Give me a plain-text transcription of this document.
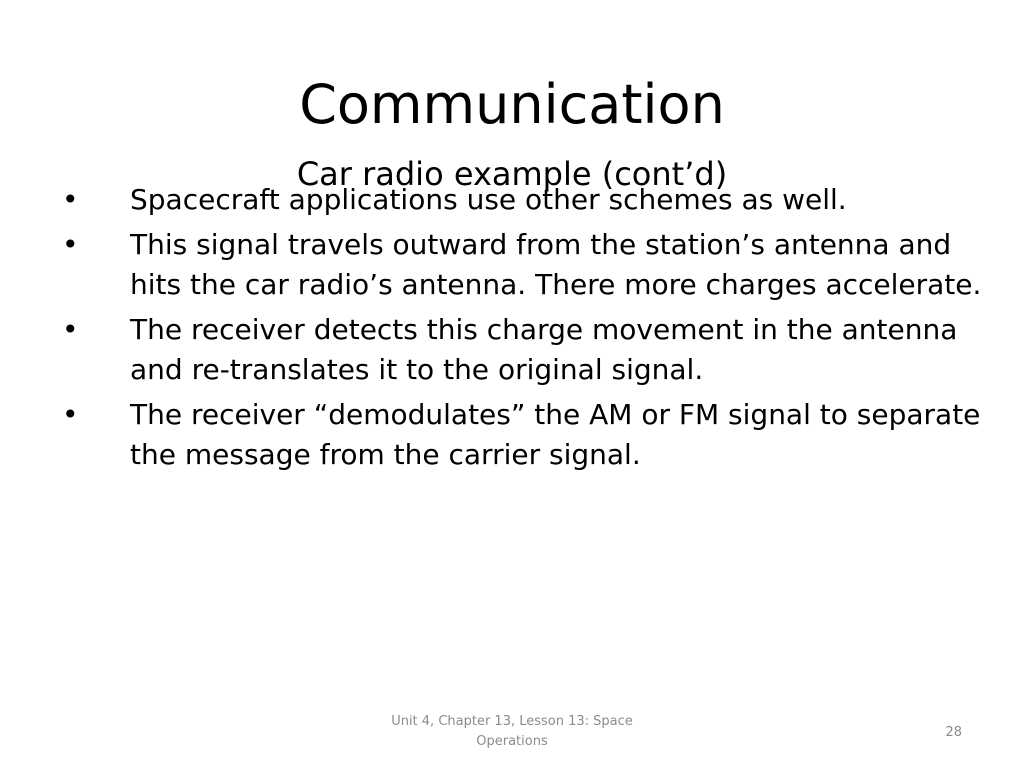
Communication
Car radio example (cont’d)
• Spacecraft applications use other schemes as well.
• This signal travels outward from the station’s antenna and hits the car radio’s antenna. There more charges accelerate.
• The receiver detects this charge movement in the antenna and re-translates it to the original signal.
• The receiver “demodulates” the AM or FM signal to separate the message from the carrier signal.
Unit 4, Chapter 13, Lesson 13: Space Operations
28
